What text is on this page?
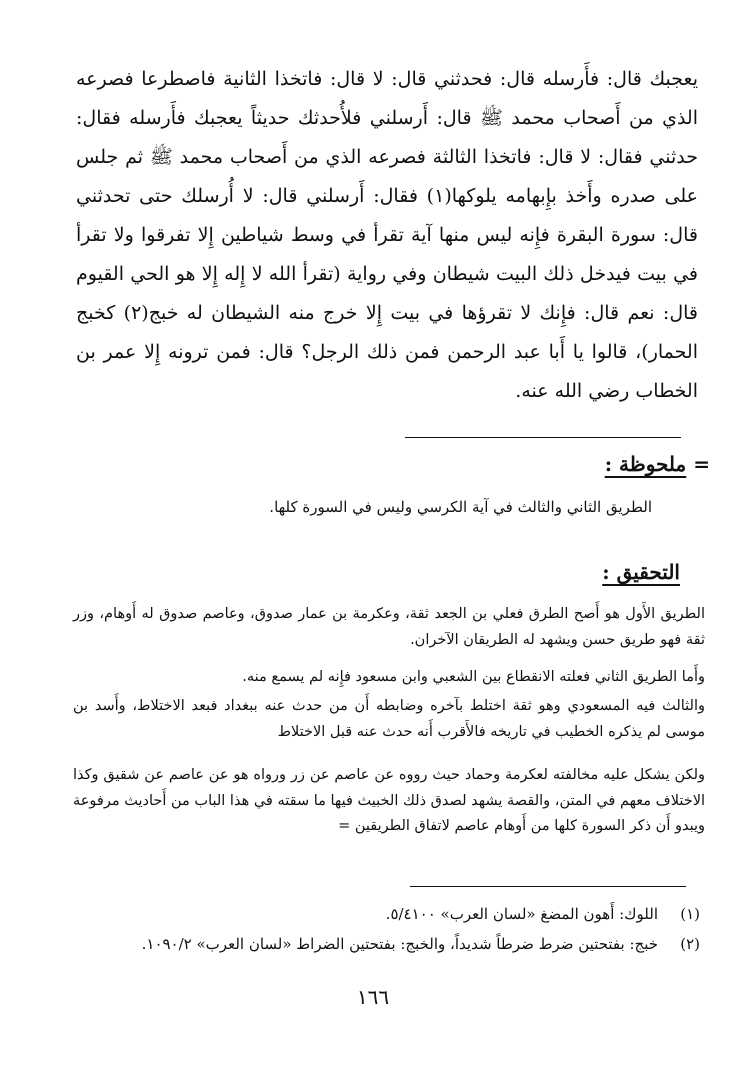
يعجبك قال: فأَرسله قال: فحدثني قال: لا قال: فاتخذا الثانية فاصطرعا فصرعه الذي من أَصحاب محمد ﷺ قال: أَرسلني فلأُحدثك حديثاً يعجبك فأَرسله فقال: حدثني فقال: لا قال: فاتخذا الثالثة فصرعه الذي من أَصحاب محمد ﷺ ثم جلس على صدره وأَخذ بإِبهامه يلوكها(١) فقال: أَرسلني قال: لا أُرسلك حتى تحدثني قال: سورة البقرة فإِنه ليس منها آية تقرأ في وسط شياطين إِلا تفرقوا ولا تقرأ في بيت فيدخل ذلك البيت شيطان وفي رواية (تقرأ الله لا إِله إِلا هو الحي القيوم قال: نعم قال: فإِنك لا تقرؤها في بيت إِلا خرج منه الشيطان له خبج(٢) كخبج الحمار)، قالوا يا أَبا عبد الرحمن فمن ذلك الرجل؟ قال: فمن ترونه إِلا عمر بن الخطاب رضي الله عنه.

= ملحوظة :

الطريق الثاني والثالث في آية الكرسي وليس في السورة كلها.

التحقيق :

الطريق الأَول هو أَصح الطرق فعلي بن الجعد ثقة، وعكرمة بن عمار صدوق، وعاصم صدوق له أَوهام، وزر ثقة فهو طريق حسن ويشهد له الطريقان الآخران.

وأَما الطريق الثاني فعلته الانقطاع بين الشعبي وابن مسعود فإِنه لم يسمع منه.

والثالث فيه المسعودي وهو ثقة اختلط بآخره وضابطه أَن من حدث عنه ببغداد فبعد الاختلاط، وأَسد بن موسى لم يذكره الخطيب في تاريخه فالأَقرب أَنه حدث عنه قبل الاختلاط

ولكن يشكل عليه مخالفته لعكرمة وحماد حيث رووه عن عاصم عن زر ورواه هو عن عاصم عن شقيق وكذا الاختلاف معهم في المتن، والقصة يشهد لصدق ذلك الخبيث فيها ما سقته في هذا الباب من أَحاديث مرفوعة ويبدو أَن ذكر السورة كلها من أَوهام عاصم لاتفاق الطريقين =

(١)اللوك: أَهون المضغ «لسان العرب» ٥/٤١٠٠.
(٢)خبج: بفتحتين ضرط ضرطاً شديداً، والخبج: بفتحتين الضراط «لسان العرب» ١٠٩٠/٢.

١٦٦
